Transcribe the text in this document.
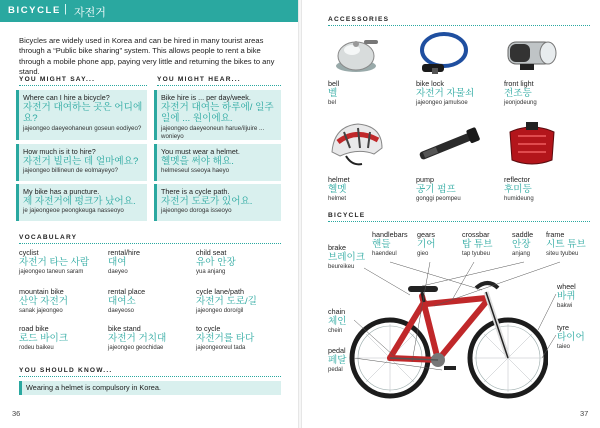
BICYCLE | 자전거

Bicycles are widely used in Korea and can be hired in many tourist areas through a “Public bike sharing” system. This allows people to rent a bike through a mobile phone app, paying very little and returning the bikes to any stand.

YOU MIGHT SAY...	YOU MIGHT HEAR...
Where can I hire a bicycle?
자전거 대여하는 곳은 어디에요?
jajeongeo daeyeohaneun goseun eodiyeo?
How much is it to hire?
자전거 빌리는 데 얼마예요?
jajeongeo billineun de eolmayeyo?
My bike has a puncture.
제 자전거에 펑크가 났어요.
je jajeongeoe peongkeuga nasseoyo
Bike hire is ... per day/week.
자전거 대여는 하루에/ 일주일에 ... 원이에요.
jajeongeo daeyeoneun harue/iljuire ... wonieyo
You must wear a helmet.
헬멧을 써야 해요.
helmeseul sseoya haeyo
There is a cycle path.
자전거 도로가 있어요.
jajeongeo doroga isseoyo
VOCABULARY
cyclist
자전거 타는 사람
jajeongeo taneun saram
rental/hire
대여
daeyeo
child seat
유아 안장
yua anjang
mountain bike
산악 자전거
sanak jajeongeo
rental place
대여소
daeyeoso
cycle lane/path
자전거 도로/길
jajeongeo doro/gil
road bike
로드 바이크
rodeu baikeu
bike stand
자전거 거치대
jajeongeo geochidae
to cycle
자전거를 타다
jajeongeoreul tada
YOU SHOULD KNOW...
Wearing a helmet is compulsory in Korea.
36
ACCESSORIES
bell
벨
bel
bike lock
자전거 자물쇠
jajeongeo jamulsoe
front light
전조등
jeonjodeung
helmet
헬멧
helmet
pump
공기 펌프
gonggi peompeu
reflector
후미등
humideung
BICYCLE
brake
브레이크
beureikeu
handlebars
핸들
haendeul
gears
기어
gieo
crossbar
탑 튜브
tap tyubeu
saddle
안장
anjang
frame
시트 튜브
siteu tyubeu
wheel
바퀴
bakwi
chain
체인
chein	tyre
타이어
taieo
pedal
페달
pedal
37
